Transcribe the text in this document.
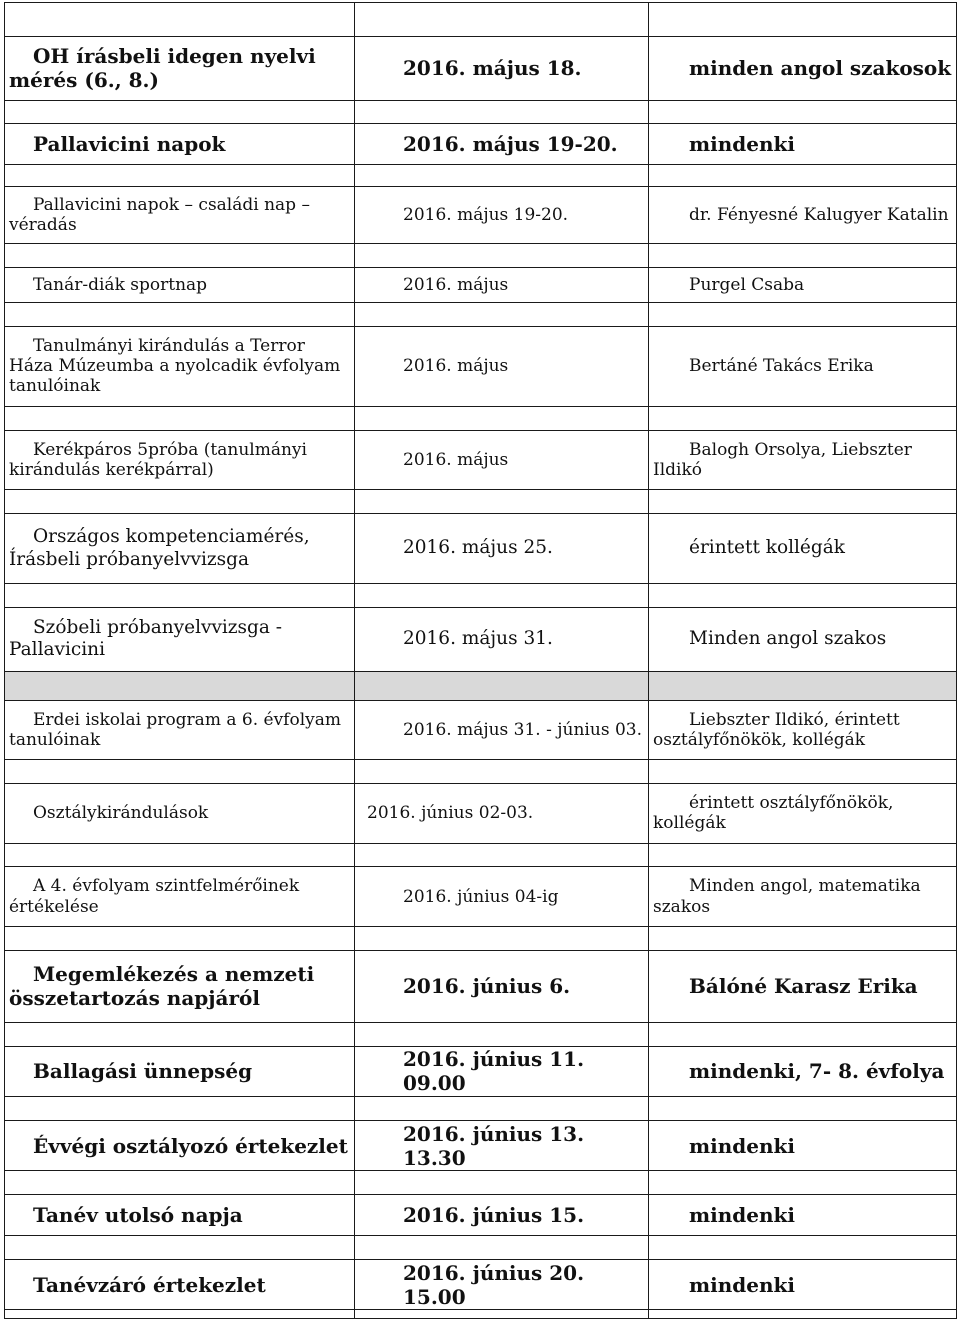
OH írásbeli idegen nyelvi mérés (6., 8.)	2016. május 18.	minden angol szakosok

Pallavicini napok	2016. május 19-20.	mindenki

Pallavicini napok – családi nap – véradás	2016. május 19-20.	dr. Fényesné Kalugyer Katalin

Tanár-diák sportnap	2016. május	Purgel Csaba

Tanulmányi kirándulás a Terror Háza Múzeumba a nyolcadik évfolyam tanulóinak	2016. május	Bertáné Takács Erika

Kerékpáros 5próba (tanulmányi kirándulás kerékpárral)	2016. május	Balogh Orsolya, Liebszter Ildikó

Országos kompetenciamérés, Írásbeli próbanyelvvizsga	2016. május 25.	érintett kollégák

Szóbeli próbanyelvvizsga - Pallavicini	2016. május 31.	Minden angol szakos

Erdei iskolai program a 6. évfolyam tanulóinak	2016. május 31. - június 03.	Liebszter Ildikó, érintett osztályfőnökök, kollégák

Osztálykirándulások	2016. június 02-03.	érintett osztályfőnökök, kollégák

A 4. évfolyam szintfelmérőinek értékelése	2016. június 04-ig	Minden angol, matematika szakos

Megemlékezés a nemzeti összetartozás napjáról	2016. június 6.	Bálóné Karasz Erika

Ballagási ünnepség	2016. június 11. 09.00	mindenki, 7- 8. évfolya

Évvégi osztályozó értekezlet	2016. június 13. 13.30	mindenki

Tanév utolsó napja	2016. június 15.	mindenki

Tanévzáró értekezlet	2016. június 20. 15.00	mindenki
